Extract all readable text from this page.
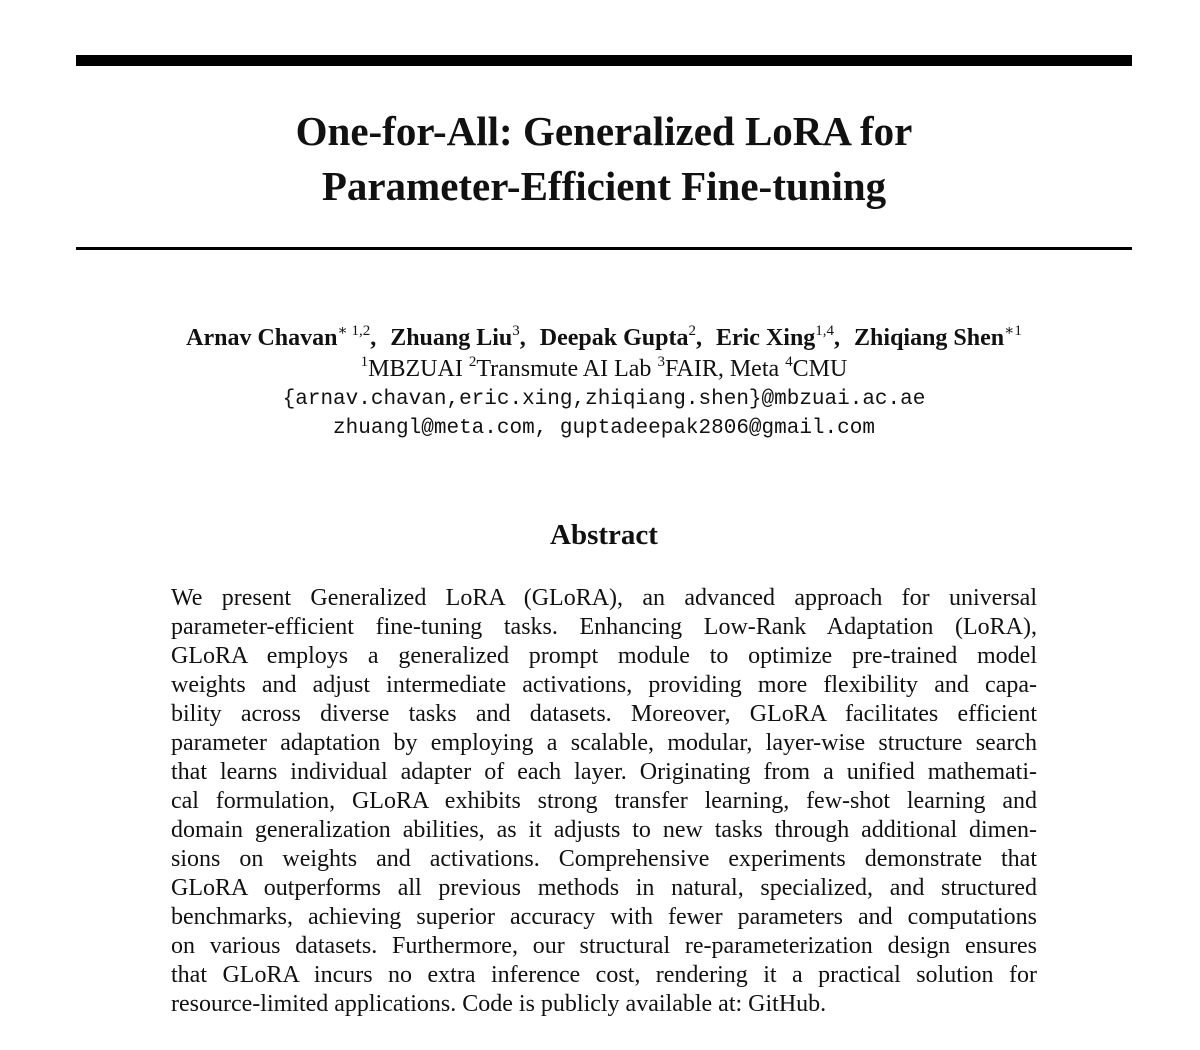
One-for-All: Generalized LoRA for
Parameter-Efficient Fine-tuning
Arnav Chavan$^{∗ 1,2}$, Zhuang Liu$^3$, Deepak Gupta$^2$, Eric Xing$^{1,4}$, Zhiqiang Shen$^{∗1}$
$^1$MBZUAI $^2$Transmute AI Lab $^3$FAIR, Meta $^4$CMU
{arnav.chavan,eric.xing,zhiqiang.shen}@mbzuai.ac.ae
zhuangl@meta.com, guptadeepak2806@gmail.com
Abstract
We present Generalized LoRA (GLoRA), an advanced approach for universal
parameter-efficient fine-tuning tasks. Enhancing Low-Rank Adaptation (LoRA),
GLoRA employs a generalized prompt module to optimize pre-trained model
weights and adjust intermediate activations, providing more flexibility and capa-
bility across diverse tasks and datasets. Moreover, GLoRA facilitates efficient
parameter adaptation by employing a scalable, modular, layer-wise structure search
that learns individual adapter of each layer. Originating from a unified mathemati-
cal formulation, GLoRA exhibits strong transfer learning, few-shot learning and
domain generalization abilities, as it adjusts to new tasks through additional dimen-
sions on weights and activations. Comprehensive experiments demonstrate that
GLoRA outperforms all previous methods in natural, specialized, and structured
benchmarks, achieving superior accuracy with fewer parameters and computations
on various datasets. Furthermore, our structural re-parameterization design ensures
that GLoRA incurs no extra inference cost, rendering it a practical solution for
resource-limited applications. Code is publicly available at: GitHub.
